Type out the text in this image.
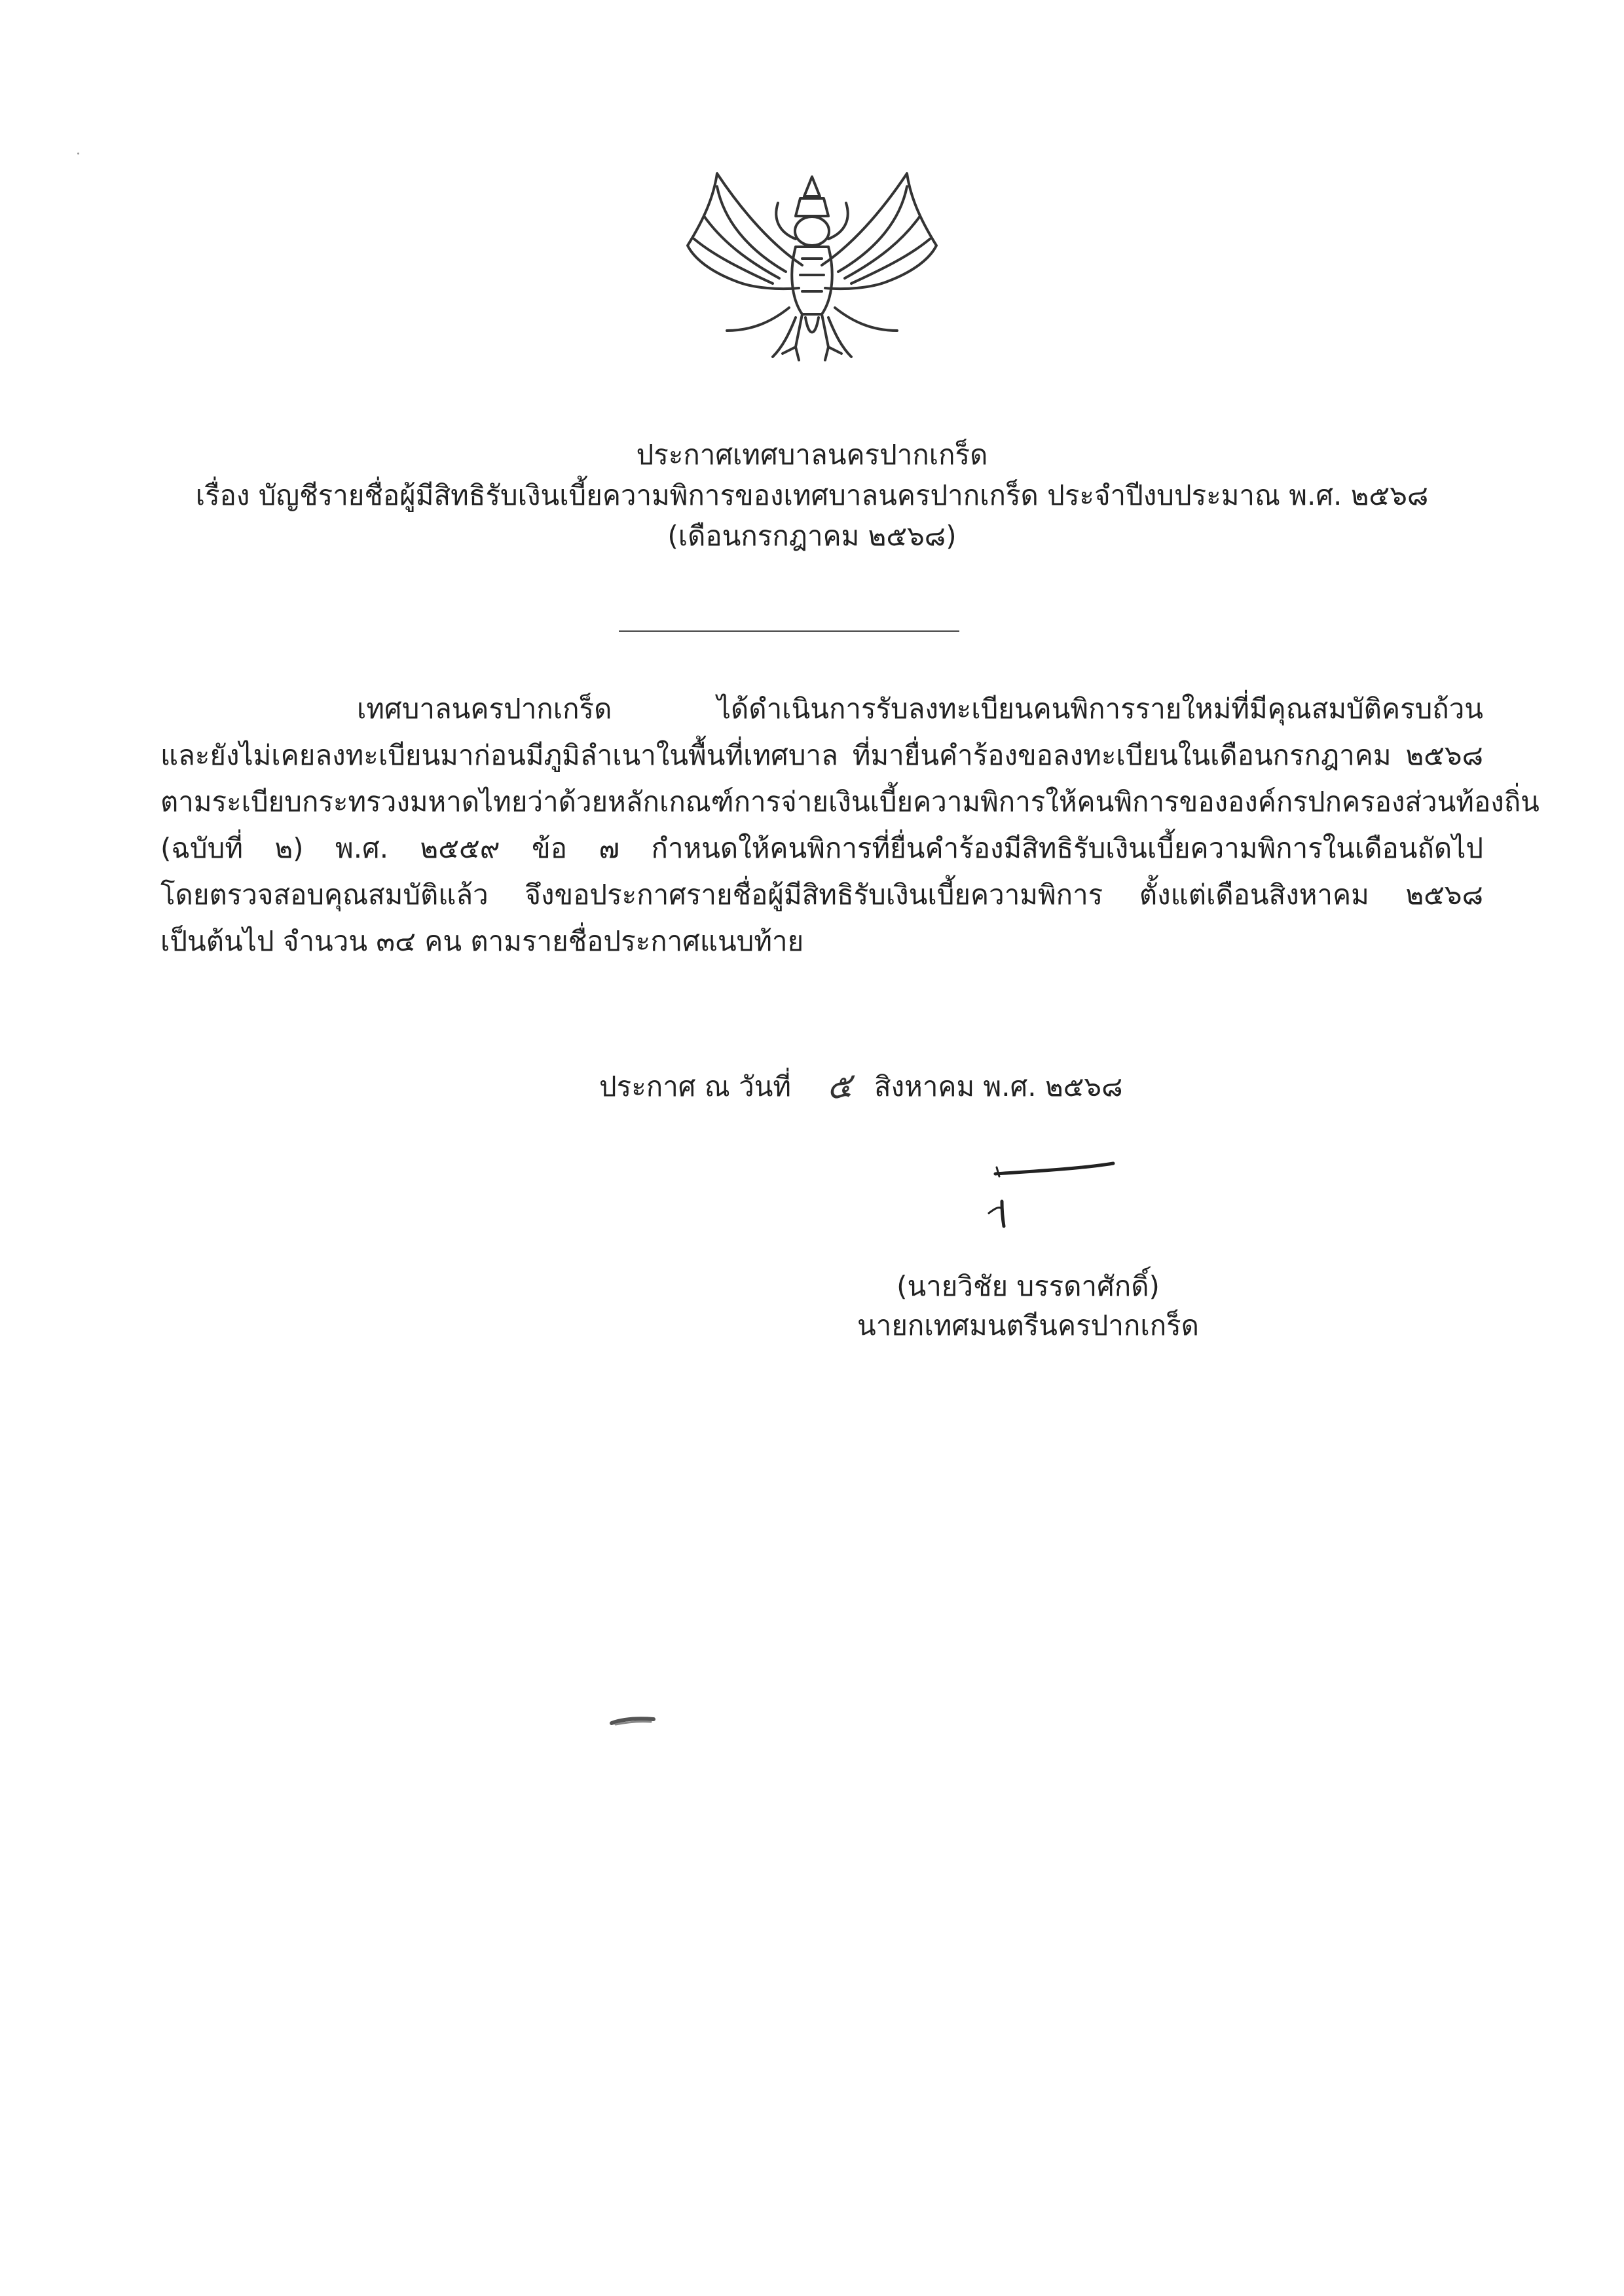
ประกาศเทศบาลนครปากเกร็ด
เรื่อง บัญชีรายชื่อผู้มีสิทธิรับเงินเบี้ยความพิการของเทศบาลนครปากเกร็ด ประจำปีงบประมาณ พ.ศ. ๒๕๖๘
(เดือนกรกฎาคม ๒๕๖๘)
เทศบาลนครปากเกร็ด ได้ดำเนินการรับลงทะเบียนคนพิการรายใหม่ที่มีคุณสมบัติครบถ้วน
และยังไม่เคยลงทะเบียนมาก่อนมีภูมิลำเนาในพื้นที่เทศบาล ที่มายื่นคำร้องขอลงทะเบียนในเดือนกรกฎาคม ๒๕๖๘
ตามระเบียบกระทรวงมหาดไทยว่าด้วยหลักเกณฑ์การจ่ายเงินเบี้ยความพิการให้คนพิการขององค์กรปกครองส่วนท้องถิ่น
(ฉบับที่ ๒) พ.ศ. ๒๕๕๙ ข้อ ๗ กำหนดให้คนพิการที่ยื่นคำร้องมีสิทธิรับเงินเบี้ยความพิการในเดือนถัดไป
โดยตรวจสอบคุณสมบัติแล้ว จึงขอประกาศรายชื่อผู้มีสิทธิรับเงินเบี้ยความพิการ ตั้งแต่เดือนสิงหาคม ๒๕๖๘
เป็นต้นไป จำนวน ๓๔ คน ตามรายชื่อประกาศแนบท้าย
ประกาศ ณ วันที่ ๕ สิงหาคม พ.ศ. ๒๕๖๘
(นายวิชัย บรรดาศักดิ์)
นายกเทศมนตรีนครปากเกร็ด
